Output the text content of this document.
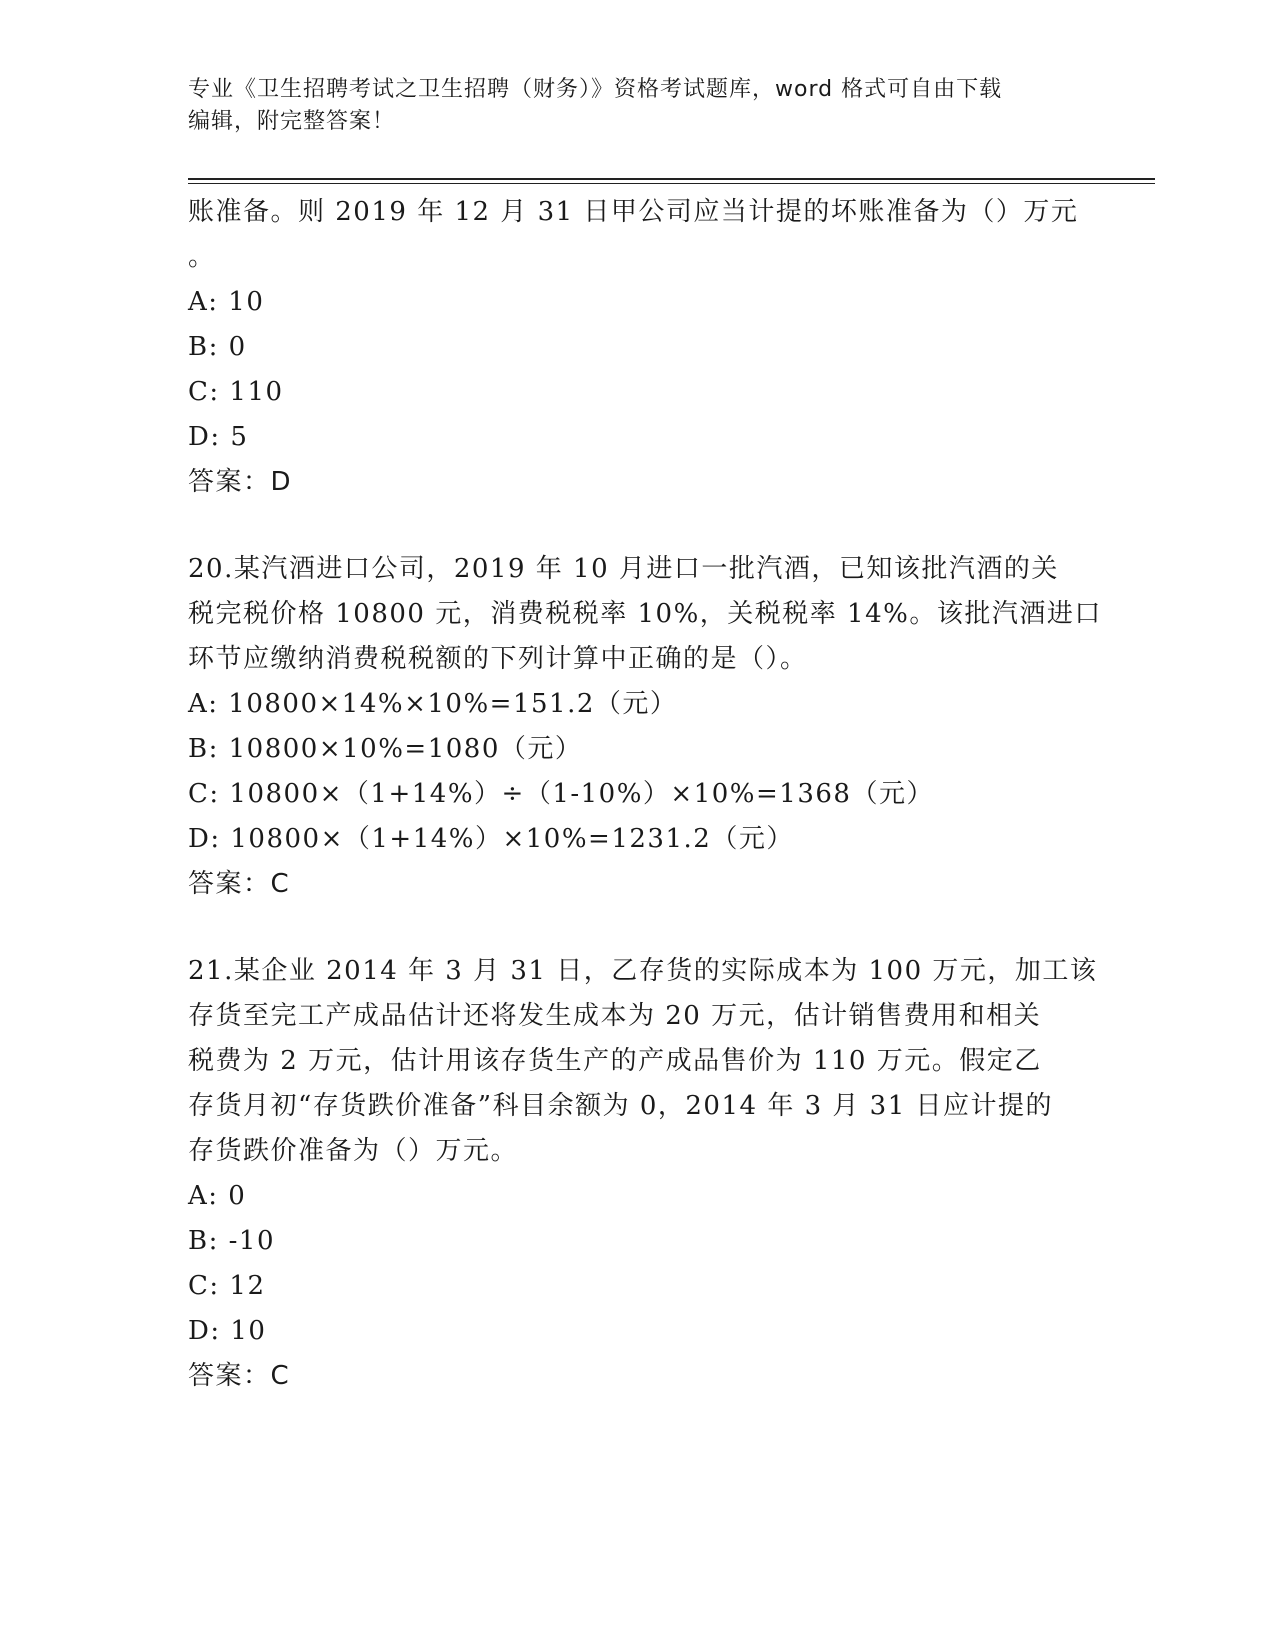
专业《卫生招聘考试之卫生招聘（财务）》资格考试题库，word 格式可自由下载
编辑，附完整答案！
账准备。则 2019 年 12 月 31 日甲公司应当计提的坏账准备为（）万元
。
A: 10
B: 0
C: 110
D: 5
答案：D
20.某汽酒进口公司，2019 年 10 月进口一批汽酒，已知该批汽酒的关
税完税价格 10800 元，消费税税率 10%，关税税率 14%。该批汽酒进口
环节应缴纳消费税税额的下列计算中正确的是（）。
A: 10800×14%×10%=151.2（元）
B: 10800×10%=1080（元）
C: 10800×（1+14%）÷（1-10%）×10%=1368（元）
D: 10800×（1+14%）×10%=1231.2（元）
答案：C
21.某企业 2014 年 3 月 31 日，乙存货的实际成本为 100 万元，加工该
存货至完工产成品估计还将发生成本为 20 万元，估计销售费用和相关
税费为 2 万元，估计用该存货生产的产成品售价为 110 万元。假定乙
存货月初“存货跌价准备”科目余额为 0，2014 年 3 月 31 日应计提的
存货跌价准备为（）万元。
A: 0
B: -10
C: 12
D: 10
答案：C
